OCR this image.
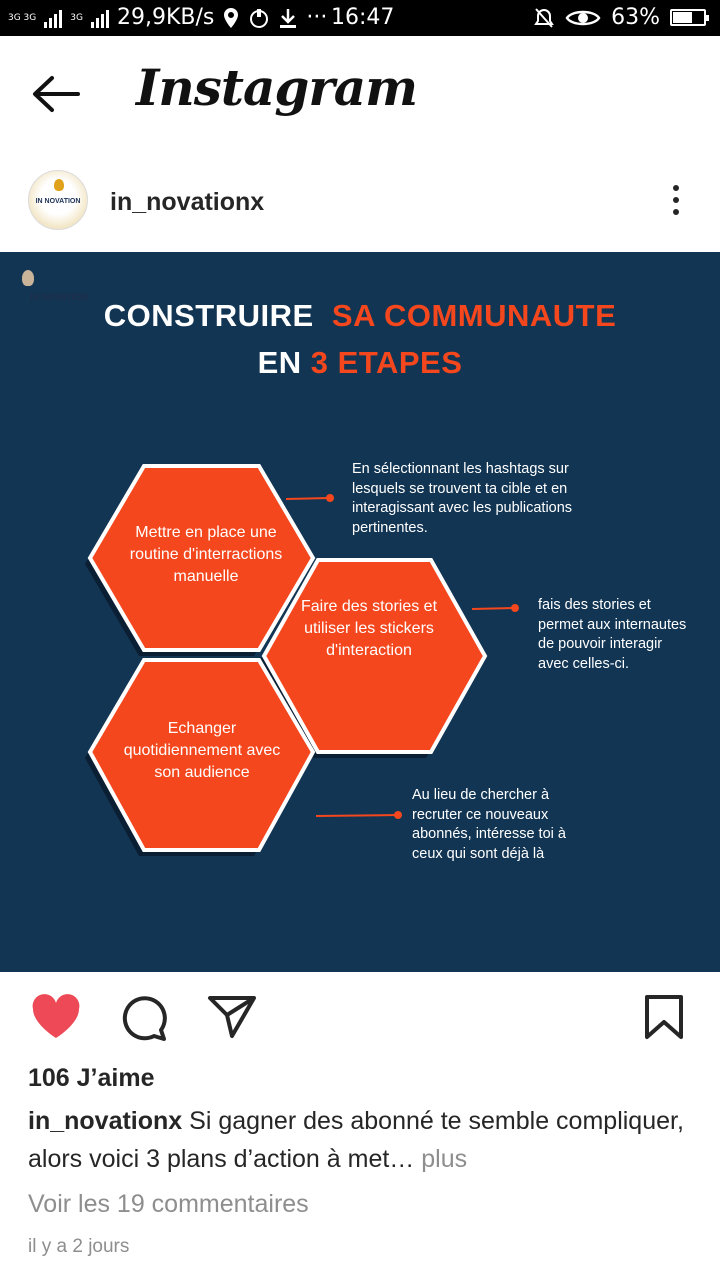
3G 3G	3G 29,9KB/s	··· 16:47	63%
Instagram
IN NOVATION in_novationx
IN NOVATION
CONSTRUIRE SA COMMUNAUTE
EN 3 ETAPES
Mettre en place une routine d'interractions manuelle
Faire des stories et utiliser les stickers d'interaction
Echanger quotidiennement avec son audience
En sélectionnant les hashtags sur lesquels se trouvent ta cible et en interagissant avec les publications pertinentes.
fais des stories et permet aux internautes de pouvoir interagir avec celles-ci.
Au lieu de chercher à recruter ce nouveaux abonnés, intéresse toi à ceux qui sont déjà là
106 J’aime
in_novationx Si gagner des abonné te semble compliquer, alors voici 3 plans d’action à met… plus
Voir les 19 commentaires
il y a 2 jours
